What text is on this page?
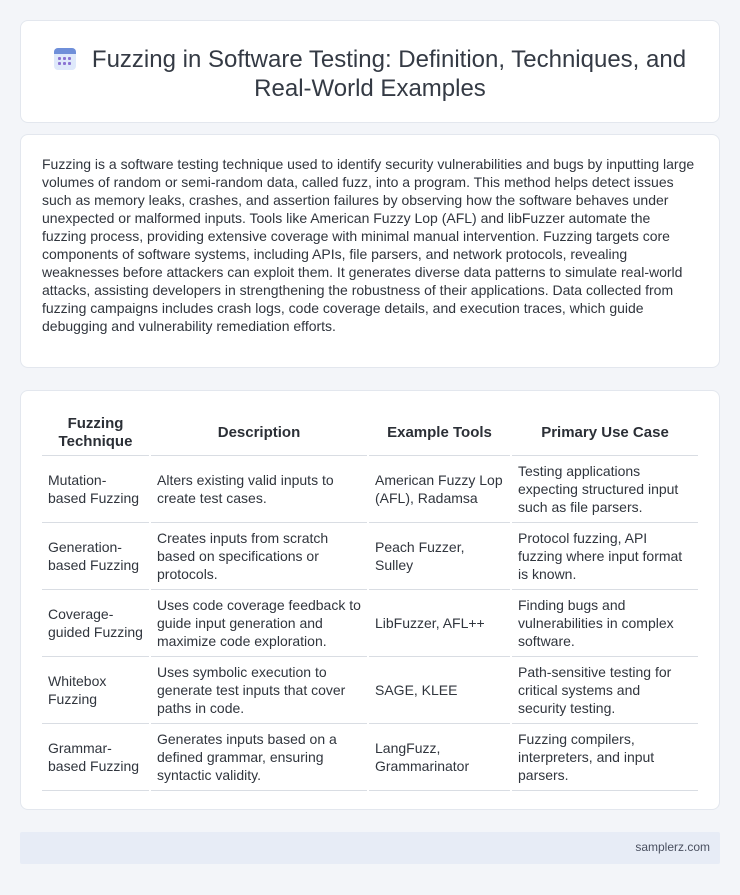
Fuzzing in Software Testing: Definition, Techniques, and
Real-World Examples

Fuzzing is a software testing technique used to identify security vulnerabilities and bugs by inputting large volumes of random or semi-random data, called fuzz, into a program. This method helps detect issues such as memory leaks, crashes, and assertion failures by observing how the software behaves under unexpected or malformed inputs. Tools like American Fuzzy Lop (AFL) and libFuzzer automate the fuzzing process, providing extensive coverage with minimal manual intervention. Fuzzing targets core components of software systems, including APIs, file parsers, and network protocols, revealing weaknesses before attackers can exploit them. It generates diverse data patterns to simulate real-world attacks, assisting developers in strengthening the robustness of their applications. Data collected from fuzzing campaigns includes crash logs, code coverage details, and execution traces, which guide debugging and vulnerability remediation efforts.

Fuzzing Technique	Description	Example Tools	Primary Use Case
Mutation-based Fuzzing	Alters existing valid inputs to create test cases.	American Fuzzy Lop (AFL), Radamsa	Testing applications expecting structured input such as file parsers.
Generation-based Fuzzing	Creates inputs from scratch based on specifications or protocols.	Peach Fuzzer, Sulley	Protocol fuzzing, API fuzzing where input format is known.
Coverage-guided Fuzzing	Uses code coverage feedback to guide input generation and maximize code exploration.	LibFuzzer, AFL++	Finding bugs and vulnerabilities in complex software.
Whitebox Fuzzing	Uses symbolic execution to generate test inputs that cover paths in code.	SAGE, KLEE	Path-sensitive testing for critical systems and security testing.
Grammar-based Fuzzing	Generates inputs based on a defined grammar, ensuring syntactic validity.	LangFuzz, Grammarinator	Fuzzing compilers, interpreters, and input parsers.
samplerz.com
